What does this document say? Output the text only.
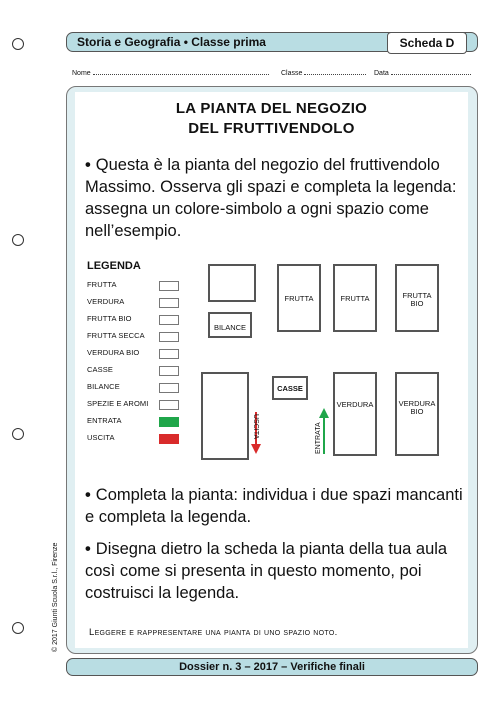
Storia e Geografia • Classe prima	Scheda D
Nome	Classe	Data
LA PIANTA DEL NEGOZIO
DEL FRUTTIVENDOLO
• Questa è la pianta del negozio del fruttivendolo Massimo. Osserva gli spazi e completa la legenda: assegna un colore-simbolo a ogni spazio come nell’esempio.
LEGENDA
FRUTTA
VERDURA
FRUTTA BIO
FRUTTA SECCA
VERDURA BIO
CASSE
BILANCE
SPEZIE E AROMI
ENTRATA
USCITA
FRUTTA	FRUTTA	FRUTTA
BIO
BILANCE
CASSE
VERDURA	VERDURA
BIO
USCITA	ENTRATA
• Completa la pianta: individua i due spazi mancanti e completa la legenda.
• Disegna dietro la scheda la pianta della tua aula così come si presenta in questo momento, poi costruisci la legenda.
Leggere e rappresentare una pianta di uno spazio noto.
© 2017 Giunti Scuola S.r.l., Firenze
Dossier n. 3 – 2017 – Verifiche finali
